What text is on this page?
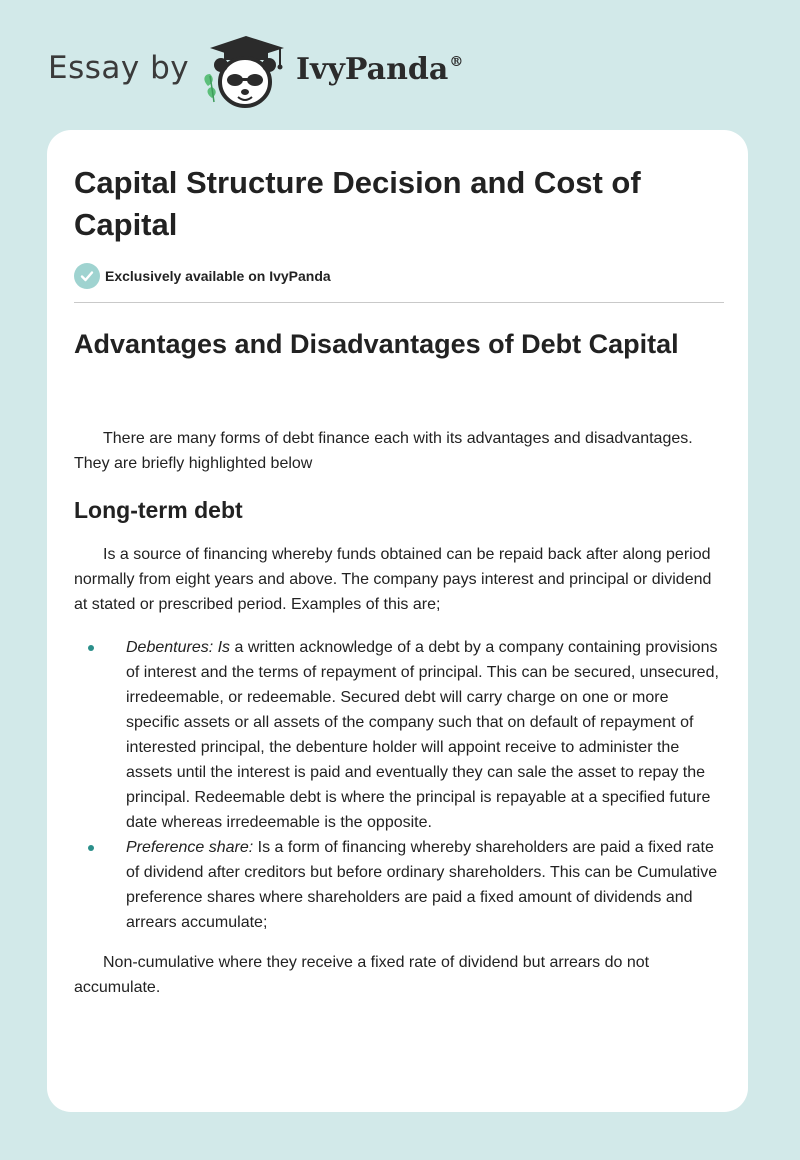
Essay by	IvyPanda®
Capital Structure Decision and Cost of Capital
Exclusively available on IvyPanda
Advantages and Disadvantages of Debt Capital

There are many forms of debt finance each with its advantages and disadvantages. They are briefly highlighted below

Long-term debt

Is a source of financing whereby funds obtained can be repaid back after along period normally from eight years and above. The company pays interest and principal or dividend at stated or prescribed period. Examples of this are;

Debentures: Is a written acknowledge of a debt by a company containing provisions of interest and the terms of repayment of principal. This can be secured, unsecured, irredeemable, or redeemable. Secured debt will carry charge on one or more specific assets or all assets of the company such that on default of repayment of interested principal, the debenture holder will appoint receive to administer the assets until the interest is paid and eventually they can sale the asset to repay the principal. Redeemable debt is where the principal is repayable at a specified future date whereas irredeemable is the opposite.
Preference share: Is a form of financing whereby shareholders are paid a fixed rate of dividend after creditors but before ordinary shareholders. This can be Cumulative preference shares where shareholders are paid a fixed amount of dividends and arrears accumulate;

Non-cumulative where they receive a fixed rate of dividend but arrears do not accumulate.
